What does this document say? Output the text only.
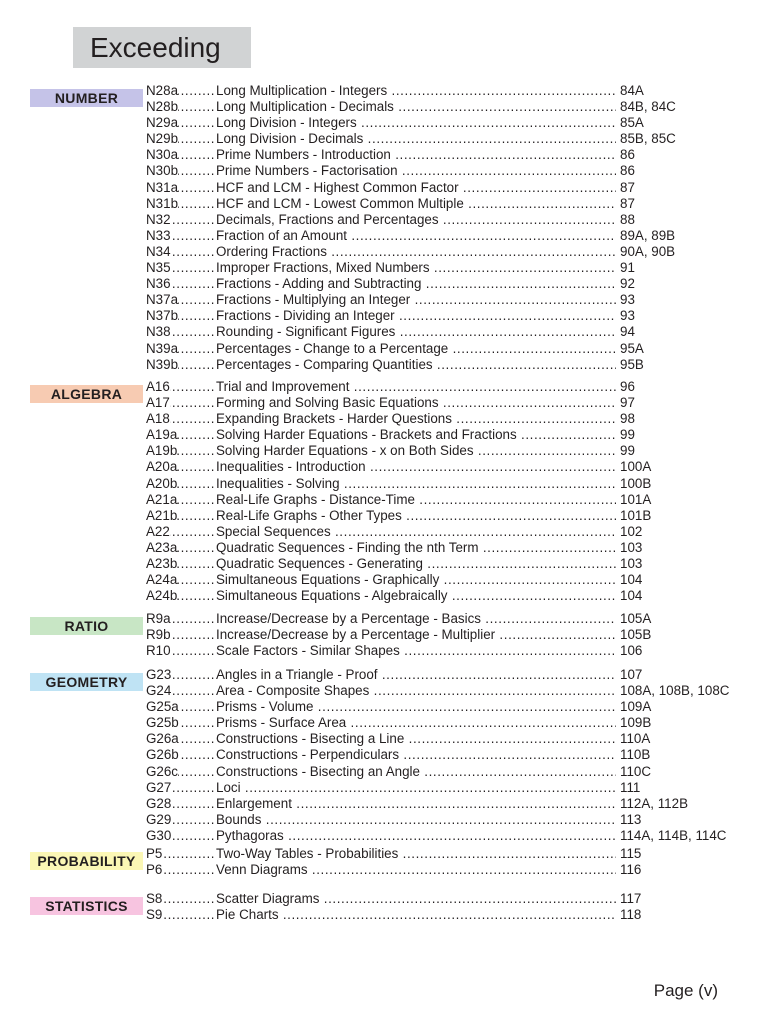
Exceeding
NUMBER .....	N28a	Long Multiplication - Integers .....	84A
.....
N28b	Long Multiplication - Decimals .....	84B, 84C
.....
N29a	Long Division - Integers .....	85A
.....
N29b	Long Division - Decimals .....	85B, 85C
.....
N30a	Prime Numbers - Introduction .....	86
.....
N30b	Prime Numbers - Factorisation .....	86
.....
N31a	HCF and LCM - Highest Common Factor .....	87
.....
N31b	HCF and LCM - Lowest Common Multiple .....	87
.....
N32	Decimals, Fractions and Percentages .....	88
.....
N33	Fraction of an Amount .....	89A, 89B
.....
N34	Ordering Fractions .....	90A, 90B
.....
N35	Improper Fractions, Mixed Numbers .....	91
.....
N36	Fractions - Adding and Subtracting .....	92
.....
N37a	Fractions - Multiplying an Integer .....	93
.....
N37b	Fractions - Dividing an Integer .....	93
.....
N38	Rounding - Significant Figures .....	94
.....
N39a	Percentages - Change to a Percentage .....	95A
.....
N39b	Percentages - Comparing Quantities .....	95B
ALGEBRA .....	A16	Trial and Improvement .....	96
.....
A17	Forming and Solving Basic Equations .....	97
.....
A18	Expanding Brackets - Harder Questions .....	98
.....
A19a	Solving Harder Equations - Brackets and Fractions .....	99
.....
A19b	Solving Harder Equations - x on Both Sides .....	99
.....
A20a	Inequalities - Introduction .....	100A
.....
A20b	Inequalities - Solving .....	100B
.....
A21a	Real-Life Graphs - Distance-Time .....	101A
.....
A21b	Real-Life Graphs - Other Types .....	101B
.....
A22	Special Sequences .....	102
.....
A23a	Quadratic Sequences - Finding the nth Term .....	103
.....
A23b	Quadratic Sequences - Generating .....	103
.....
A24a	Simultaneous Equations - Graphically .....	104
.....
A24b	Simultaneous Equations - Algebraically .....	104
RATIO .....	R9a	Increase/Decrease by a Percentage - Basics .....	105A
.....
R9b	Increase/Decrease by a Percentage - Multiplier .....	105B
.....
R10	Scale Factors - Similar Shapes .....	106
GEOMETRY .....	G23	Angles in a Triangle - Proof .....	107
.....
G24	Area - Composite Shapes .....	108A, 108B, 108C
.....
G25a	Prisms - Volume .....	109A
.....
G25b	Prisms - Surface Area .....	109B
.....
G26a	Constructions - Bisecting a Line .....	110A
.....
G26b	Constructions - Perpendiculars .....	110B
.....
G26c	Constructions - Bisecting an Angle .....	110C
.....
G27	Loci .....	111
.....
G28	Enlargement .....	112A, 112B
.....
G29	Bounds .....	113
.....
G30	Pythagoras .....	114A, 114B, 114C
PROBABILITY ..... P5	Two-Way Tables - Probabilities .....	115
.....
P6	Venn Diagrams .....	116
STATISTICS .....	S8	Scatter Diagrams .....	117
.....
S9	Pie Charts .....	118
Page (v)
